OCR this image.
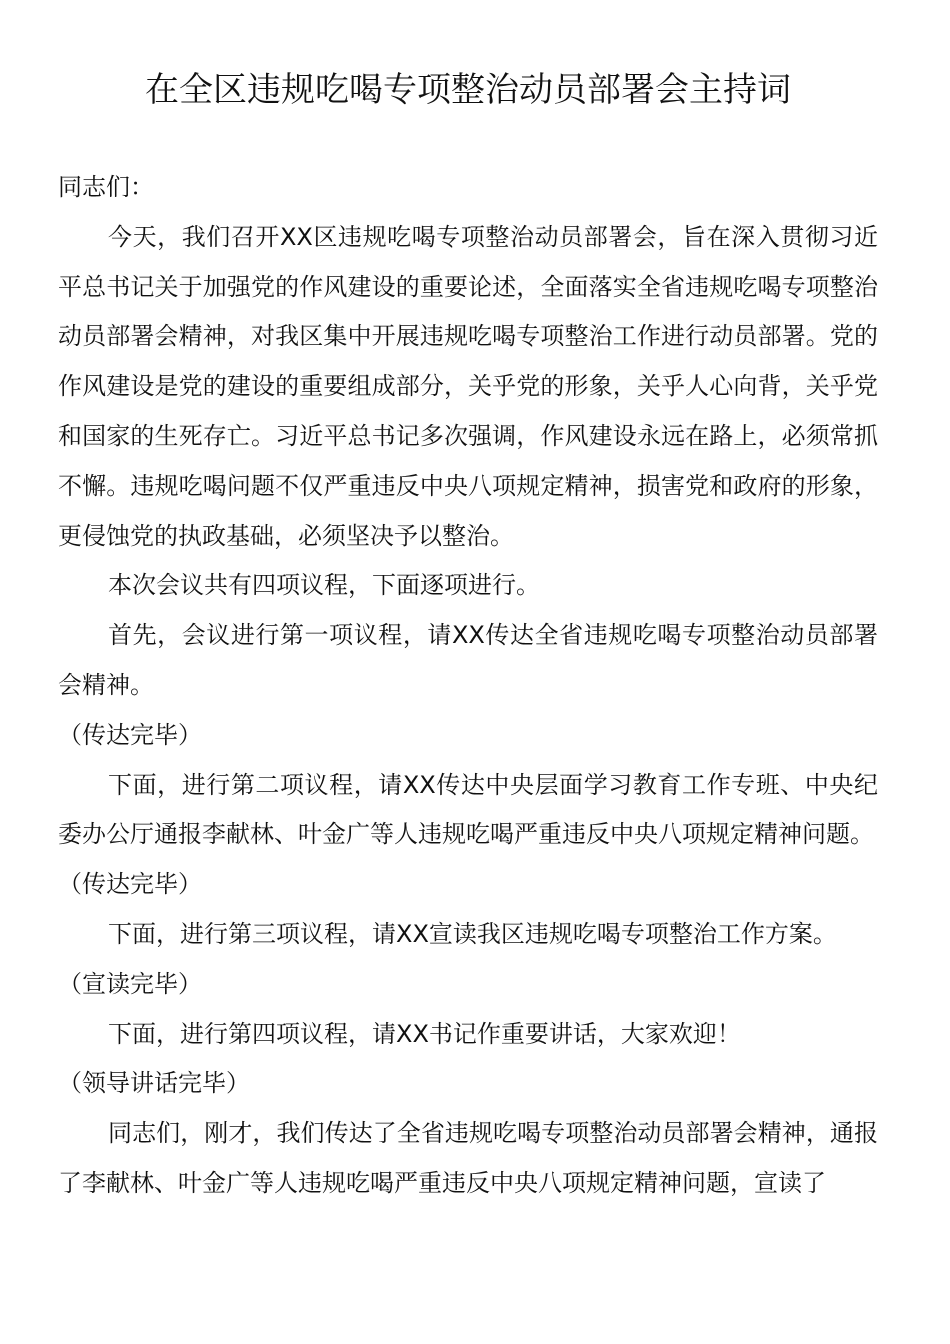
在全区违规吃喝专项整治动员部署会主持词

同志们：

今天，我们召开XX区违规吃喝专项整治动员部署会，旨在深入贯彻习近平总书记关于加强党的作风建设的重要论述，全面落实全省违规吃喝专项整治动员部署会精神，对我区集中开展违规吃喝专项整治工作进行动员部署。党的作风建设是党的建设的重要组成部分，关乎党的形象，关乎人心向背，关乎党和国家的生死存亡。习近平总书记多次强调，作风建设永远在路上，必须常抓不懈。违规吃喝问题不仅严重违反中央八项规定精神，损害党和政府的形象，更侵蚀党的执政基础，必须坚决予以整治。

本次会议共有四项议程，下面逐项进行。

首先，会议进行第一项议程，请XX传达全省违规吃喝专项整治动员部署会精神。

（传达完毕）

下面，进行第二项议程，请XX传达中央层面学习教育工作专班、中央纪委办公厅通报李献林、叶金广等人违规吃喝严重违反中央八项规定精神问题。

（传达完毕）

下面，进行第三项议程，请XX宣读我区违规吃喝专项整治工作方案。

（宣读完毕）

下面，进行第四项议程，请XX书记作重要讲话，大家欢迎！

（领导讲话完毕）

同志们，刚才，我们传达了全省违规吃喝专项整治动员部署会精神，通报了李献林、叶金广等人违规吃喝严重违反中央八项规定精神问题，宣读了
